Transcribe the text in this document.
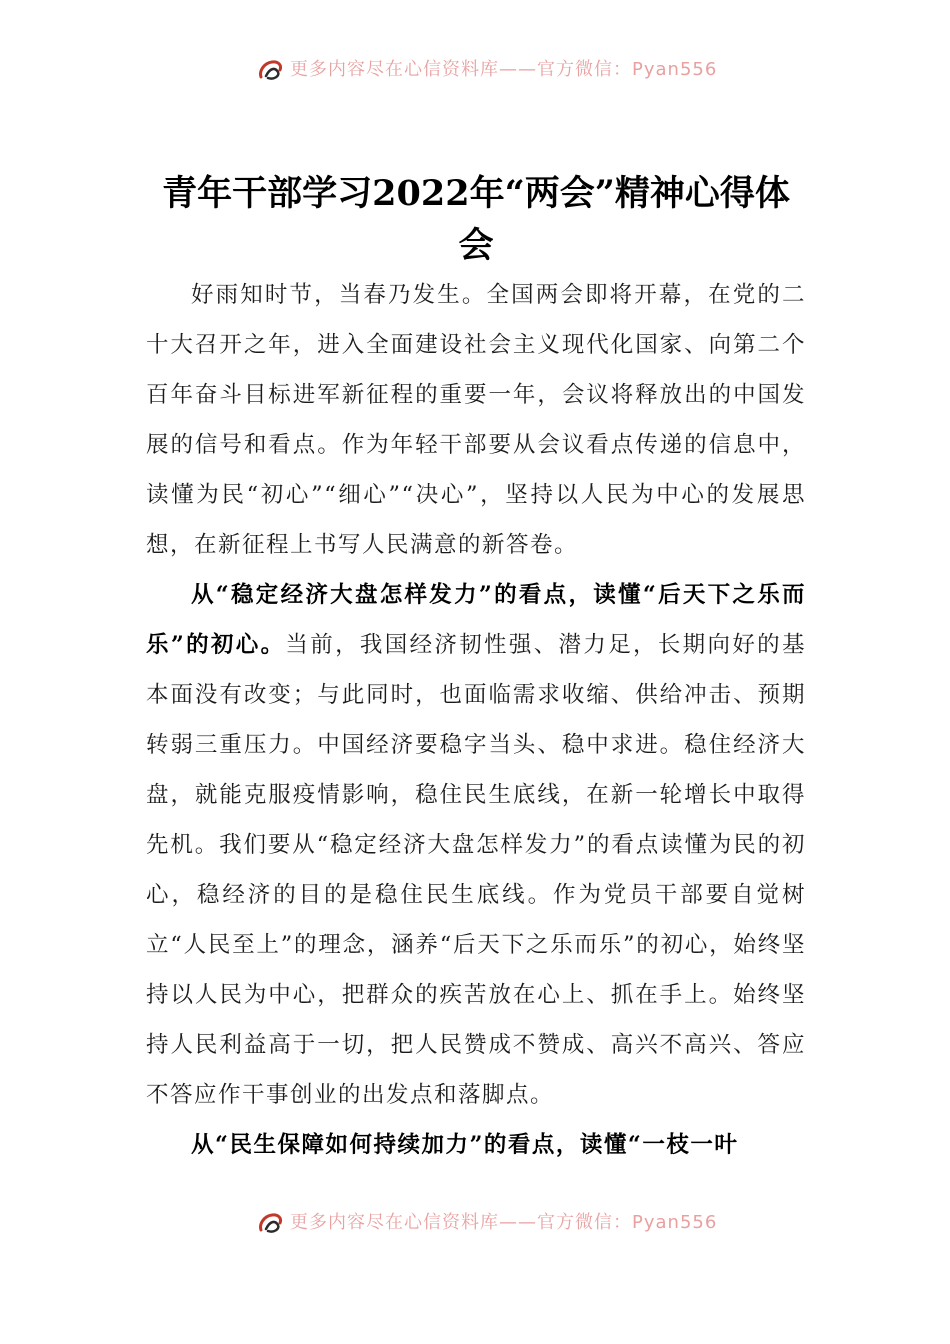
更多内容尽在心信资料库——官方微信：Pyan556
青年干部学习2022年“两会”精神心得体会

好雨知时节，当春乃发生。全国两会即将开幕，在党的二十大召开之年，进入全面建设社会主义现代化国家、向第二个百年奋斗目标进军新征程的重要一年，会议将释放出的中国发展的信号和看点。作为年轻干部要从会议看点传递的信息中，读懂为民“初心”“细心”“决心”，坚持以人民为中心的发展思想，在新征程上书写人民满意的新答卷。

从“稳定经济大盘怎样发力”的看点，读懂“后天下之乐而乐”的初心。当前，我国经济韧性强、潜力足，长期向好的基本面没有改变；与此同时，也面临需求收缩、供给冲击、预期转弱三重压力。中国经济要稳字当头、稳中求进。稳住经济大盘，就能克服疫情影响，稳住民生底线，在新一轮增长中取得先机。我们要从“稳定经济大盘怎样发力”的看点读懂为民的初心，稳经济的目的是稳住民生底线。作为党员干部要自觉树立“人民至上”的理念，涵养“后天下之乐而乐”的初心，始终坚持以人民为中心，把群众的疾苦放在心上、抓在手上。始终坚持人民利益高于一切，把人民赞成不赞成、高兴不高兴、答应不答应作干事创业的出发点和落脚点。

从“民生保障如何持续加力”的看点，读懂“一枝一叶

更多内容尽在心信资料库——官方微信：Pyan556
